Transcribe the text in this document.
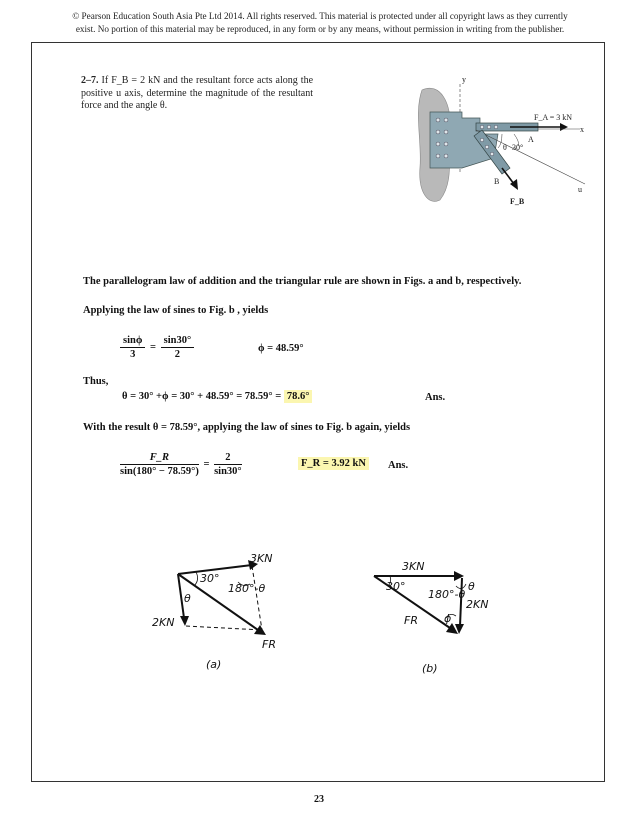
© Pearson Education South Asia Pte Ltd 2014. All rights reserved. This material is protected under all copyright laws as they currently
exist. No portion of this material may be reproduced, in any form or by any means, without permission in writing from the publisher.
2–7. If F_B = 2 kN and the resultant force acts along the positive u axis, determine the magnitude of the resultant force and the angle θ.
y
x
u
A
B
F_A = 3 kN
F_B
θ 30°
The parallelogram law of addition and the triangular rule are shown in Figs. a and b, respectively.
Applying the law of sines to Fig. b , yields
$\frac{\sin\phi}{3} = \frac{\sin 30^\circ}{2}$	ϕ = 48.59°
Thus,
θ = 30° +ϕ = 30° + 48.59° = 78.59° = 78.6°	Ans.
With the result θ = 78.59°, applying the law of sines to Fig. b again, yields
$\frac{F\_R}{\sin(180^\circ - 78.59^\circ)} = \frac{2}{\sin 30^\circ}$	F_R = 3.92 kN Ans.
3KN
30°
θ
180°-θ
2KN
FR
(a)
3KN
30°
180°-θ
θ
2KN
ϕ
FR
(b)
23
